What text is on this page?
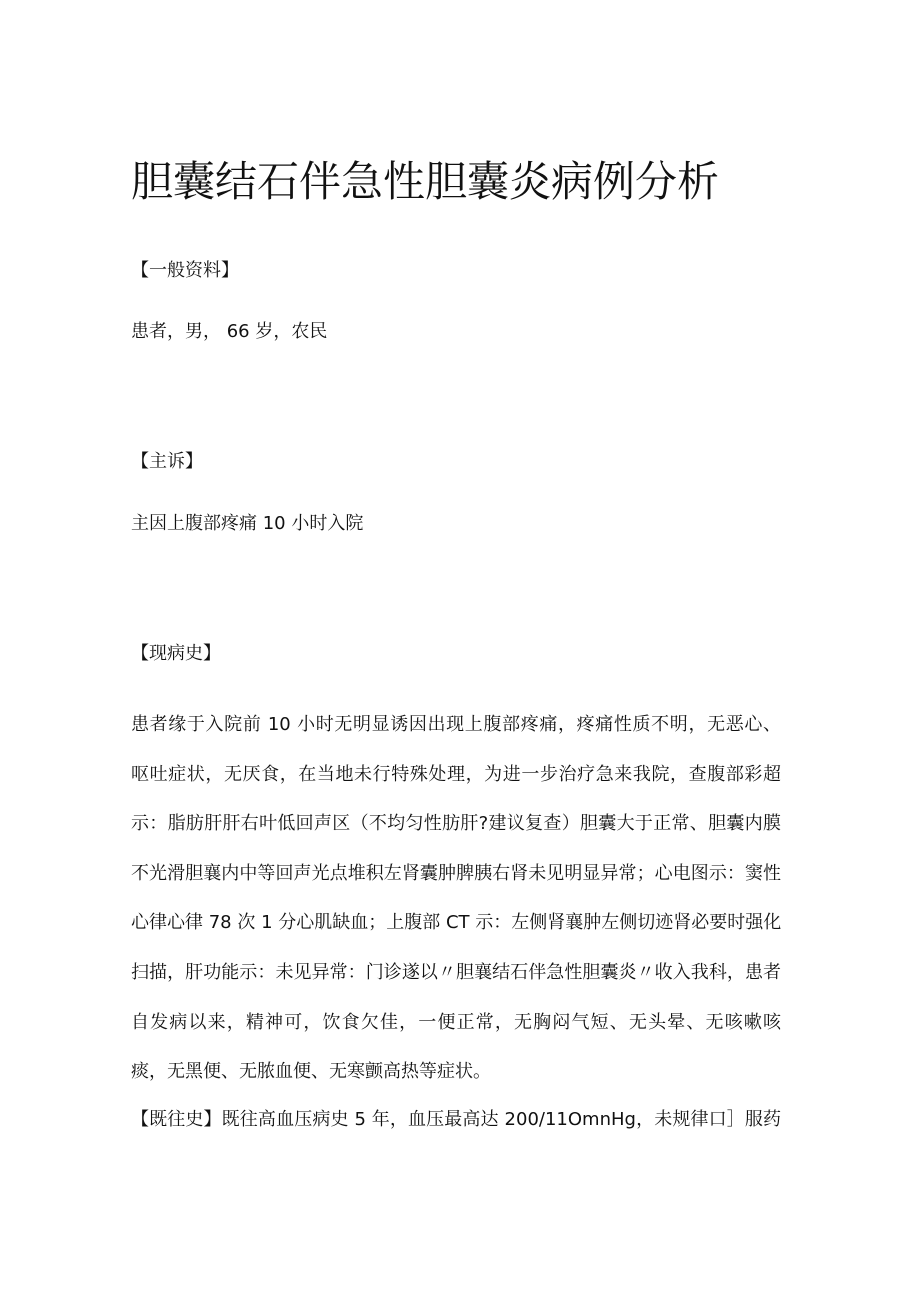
胆囊结石伴急性胆囊炎病例分析
【一般资料】
患者，男， 66 岁，农民
【主诉】
主因上腹部疼痛 10 小时入院
【现病史】
患者缘于入院前 10 小时无明显诱因出现上腹部疼痛，疼痛性质不明，无恶心、
呕吐症状，无厌食，在当地未行特殊处理，为进一步治疗急来我院，查腹部彩超
示：脂肪肝肝右叶低回声区（不均匀性肪肝?建议复查）胆囊大于正常、胆囊内膜
不光滑胆襄内中等回声光点堆积左肾囊肿脾胰右肾未见明显异常；心电图示：窦性
心律心律 78 次 1 分心肌缺血；上腹部 CT 示：左侧肾襄肿左侧切迹肾必要时强化
扫描，肝功能示：未见异常：门诊遂以〃胆襄结石伴急性胆囊炎〃收入我科，患者
自发病以来，精神可，饮食欠佳，一便正常，无胸闷气短、无头晕、无咳嗽咳
痰，无黑便、无脓血便、无寒颤高热等症状。
【既往史】既往高血压病史 5 年，血压最高达 200/11OmnHg，未规律口］服药
